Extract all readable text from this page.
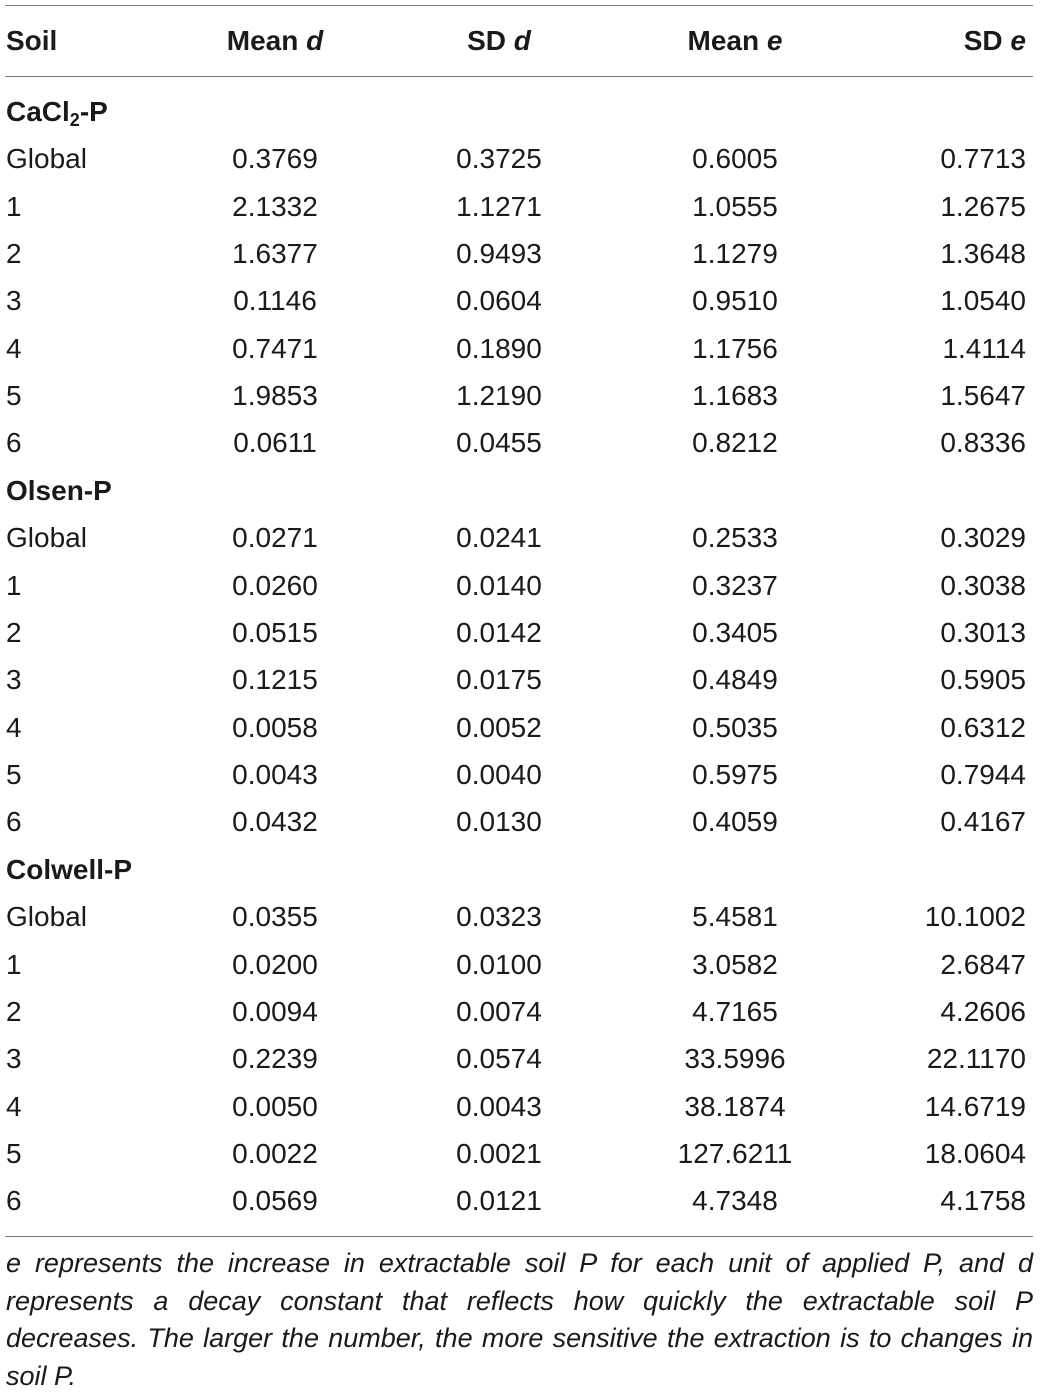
Soil	Mean d	SD d	Mean e	SD e
CaCl$_2$-P
Global	0.3769	0.3725	0.6005	0.7713
1	2.1332	1.1271	1.0555	1.2675
2	1.6377	0.9493	1.1279	1.3648
3	0.1146	0.0604	0.9510	1.0540
4	0.7471	0.1890	1.1756	1.4114
5	1.9853	1.2190	1.1683	1.5647
6	0.0611	0.0455	0.8212	0.8336
Olsen-P
Global	0.0271	0.0241	0.2533	0.3029
1	0.0260	0.0140	0.3237	0.3038
2	0.0515	0.0142	0.3405	0.3013
3	0.1215	0.0175	0.4849	0.5905
4	0.0058	0.0052	0.5035	0.6312
5	0.0043	0.0040	0.5975	0.7944
6	0.0432	0.0130	0.4059	0.4167
Colwell-P
Global	0.0355	0.0323	5.4581	10.1002
1	0.0200	0.0100	3.0582	2.6847
2	0.0094	0.0074	4.7165	4.2606
3	0.2239	0.0574	33.5996	22.1170
4	0.0050	0.0043	38.1874	14.6719
5	0.0022	0.0021	127.6211	18.0604
6	0.0569	0.0121	4.7348	4.1758
e represents the increase in extractable soil P for each unit of applied P, and d represents a decay constant that reflects how quickly the extractable soil P decreases. The larger the number, the more sensitive the extraction is to changes in soil P.
